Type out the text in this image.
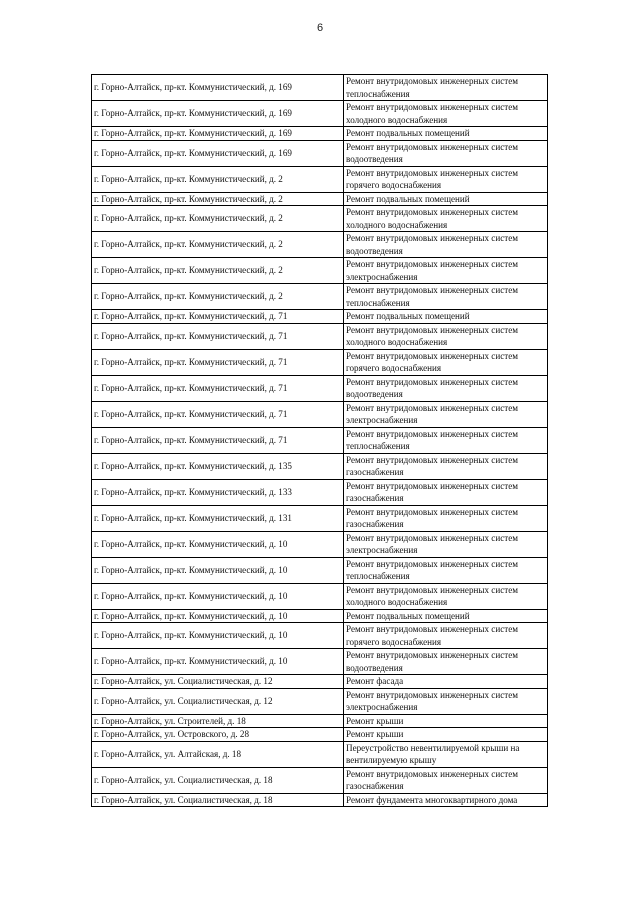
6
г. Горно-Алтайск, пр-кт. Коммунистический, д. 169	Ремонт внутридомовых инженерных систем теплоснабжения
г. Горно-Алтайск, пр-кт. Коммунистический, д. 169	Ремонт внутридомовых инженерных систем холодного водоснабжения
г. Горно-Алтайск, пр-кт. Коммунистический, д. 169	Ремонт подвальных помещений
г. Горно-Алтайск, пр-кт. Коммунистический, д. 169	Ремонт внутридомовых инженерных систем водоотведения
г. Горно-Алтайск, пр-кт. Коммунистический, д. 2	Ремонт внутридомовых инженерных систем горячего водоснабжения
г. Горно-Алтайск, пр-кт. Коммунистический, д. 2	Ремонт подвальных помещений
г. Горно-Алтайск, пр-кт. Коммунистический, д. 2	Ремонт внутридомовых инженерных систем холодного водоснабжения
г. Горно-Алтайск, пр-кт. Коммунистический, д. 2	Ремонт внутридомовых инженерных систем водоотведения
г. Горно-Алтайск, пр-кт. Коммунистический, д. 2	Ремонт внутридомовых инженерных систем электроснабжения
г. Горно-Алтайск, пр-кт. Коммунистический, д. 2	Ремонт внутридомовых инженерных систем теплоснабжения
г. Горно-Алтайск, пр-кт. Коммунистический, д. 71	Ремонт подвальных помещений
г. Горно-Алтайск, пр-кт. Коммунистический, д. 71	Ремонт внутридомовых инженерных систем холодного водоснабжения
г. Горно-Алтайск, пр-кт. Коммунистический, д. 71	Ремонт внутридомовых инженерных систем горячего водоснабжения
г. Горно-Алтайск, пр-кт. Коммунистический, д. 71	Ремонт внутридомовых инженерных систем водоотведения
г. Горно-Алтайск, пр-кт. Коммунистический, д. 71	Ремонт внутридомовых инженерных систем электроснабжения
г. Горно-Алтайск, пр-кт. Коммунистический, д. 71	Ремонт внутридомовых инженерных систем теплоснабжения
г. Горно-Алтайск, пр-кт. Коммунистический, д. 135	Ремонт внутридомовых инженерных систем газоснабжения
г. Горно-Алтайск, пр-кт. Коммунистический, д. 133	Ремонт внутридомовых инженерных систем газоснабжения
г. Горно-Алтайск, пр-кт. Коммунистический, д. 131	Ремонт внутридомовых инженерных систем газоснабжения
г. Горно-Алтайск, пр-кт. Коммунистический, д. 10	Ремонт внутридомовых инженерных систем электроснабжения
г. Горно-Алтайск, пр-кт. Коммунистический, д. 10	Ремонт внутридомовых инженерных систем теплоснабжения
г. Горно-Алтайск, пр-кт. Коммунистический, д. 10	Ремонт внутридомовых инженерных систем холодного водоснабжения
г. Горно-Алтайск, пр-кт. Коммунистический, д. 10	Ремонт подвальных помещений
г. Горно-Алтайск, пр-кт. Коммунистический, д. 10	Ремонт внутридомовых инженерных систем горячего водоснабжения
г. Горно-Алтайск, пр-кт. Коммунистический, д. 10	Ремонт внутридомовых инженерных систем водоотведения
г. Горно-Алтайск, ул. Социалистическая, д. 12	Ремонт фасада
г. Горно-Алтайск, ул. Социалистическая, д. 12	Ремонт внутридомовых инженерных систем электроснабжения
г. Горно-Алтайск, ул. Строителей, д. 18	Ремонт крыши
г. Горно-Алтайск, ул. Островского, д. 28	Ремонт крыши
г. Горно-Алтайск, ул. Алтайская, д. 18	Переустройство невентилируемой крыши на вентилируемую крышу
г. Горно-Алтайск, ул. Социалистическая, д. 18	Ремонт внутридомовых инженерных систем газоснабжения
г. Горно-Алтайск, ул. Социалистическая, д. 18	Ремонт фундамента многоквартирного дома
